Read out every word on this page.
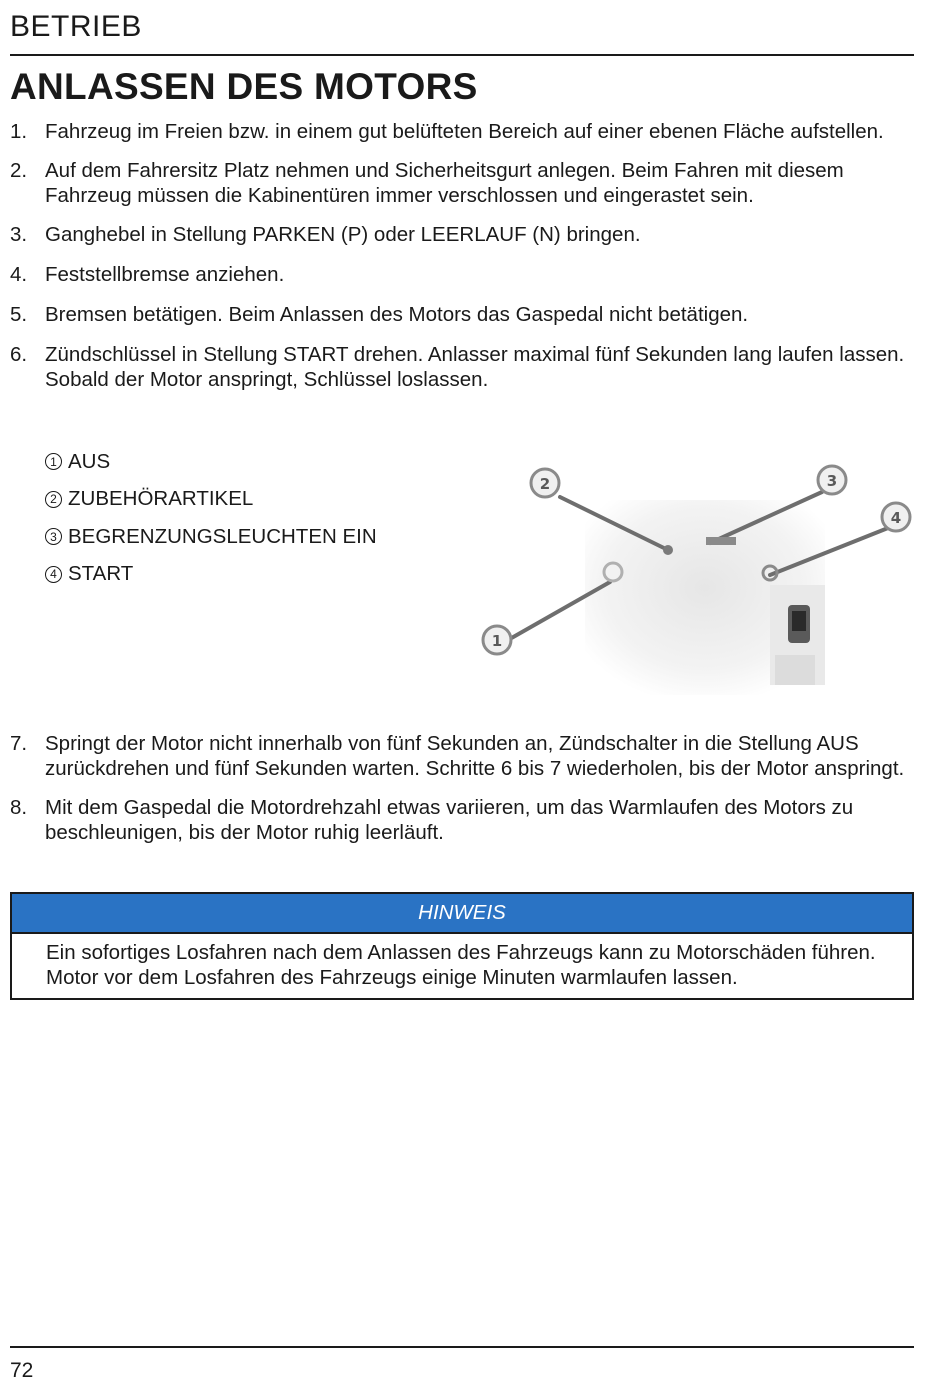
BETRIEB
ANLASSEN DES MOTORS
1. Fahrzeug im Freien bzw. in einem gut belüfteten Bereich auf einer ebenen Fläche aufstellen.
2. Auf dem Fahrersitz Platz nehmen und Sicherheitsgurt anlegen. Beim Fahren mit diesem Fahrzeug müssen die Kabinentüren immer verschlossen und eingerastet sein.
3. Ganghebel in Stellung PARKEN (P) oder LEERLAUF (N) bringen.
4. Feststellbremse anziehen.
5. Bremsen betätigen. Beim Anlassen des Motors das Gaspedal nicht betätigen.
6. Zündschlüssel in Stellung START drehen. Anlasser maximal fünf Sekunden lang laufen lassen. Sobald der Motor anspringt, Schlüssel loslassen.
1 AUS
2 ZUBEHÖRARTIKEL
3 BEGRENZUNGSLEUCHTEN EIN
4 START
1
2	3
4
7. Springt der Motor nicht innerhalb von fünf Sekunden an, Zündschalter in die Stellung AUS zurückdrehen und fünf Sekunden warten. Schritte 6 bis 7 wiederholen, bis der Motor anspringt.
8. Mit dem Gaspedal die Motordrehzahl etwas variieren, um das Warmlaufen des Motors zu beschleunigen, bis der Motor ruhig leerläuft.
HINWEIS
Ein sofortiges Losfahren nach dem Anlassen des Fahrzeugs kann zu Motorschäden führen. Motor vor dem Losfahren des Fahrzeugs einige Minuten warmlaufen lassen.
72
